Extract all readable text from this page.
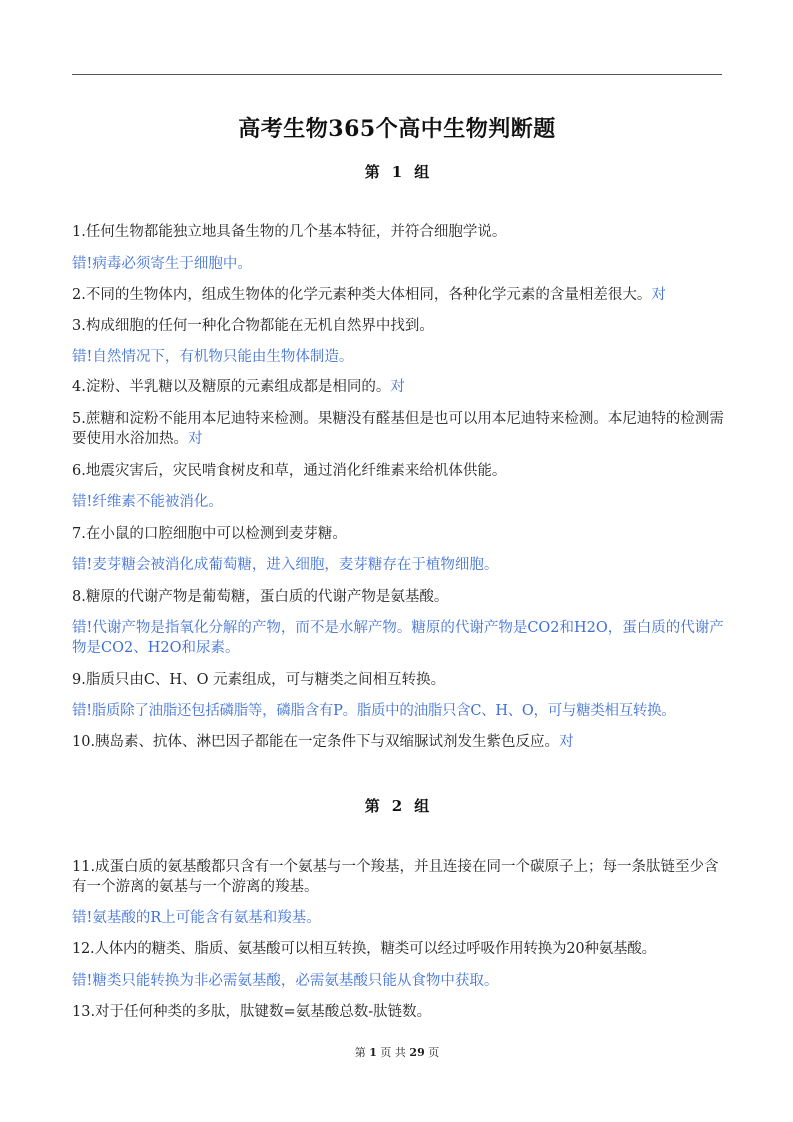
高考生物365个高中生物判断题
第 1 组
1.任何生物都能独立地具备生物的几个基本特征，并符合细胞学说。
错!病毒必须寄生于细胞中。
2.不同的生物体内，组成生物体的化学元素种类大体相同，各种化学元素的含量相差很大。对
3.构成细胞的任何一种化合物都能在无机自然界中找到。
错!自然情况下，有机物只能由生物体制造。
4.淀粉、半乳糖以及糖原的元素组成都是相同的。对
5.蔗糖和淀粉不能用本尼迪特来检测。果糖没有醛基但是也可以用本尼迪特来检测。本尼迪特的检测需要使用水浴加热。对
6.地震灾害后，灾民啃食树皮和草，通过消化纤维素来给机体供能。
错!纤维素不能被消化。
7.在小鼠的口腔细胞中可以检测到麦芽糖。
错!麦芽糖会被消化成葡萄糖，进入细胞，麦芽糖存在于植物细胞。
8.糖原的代谢产物是葡萄糖，蛋白质的代谢产物是氨基酸。
错!代谢产物是指氧化分解的产物，而不是水解产物。糖原的代谢产物是CO2和H2O，蛋白质的代谢产物是CO2、H2O和尿素。
9.脂质只由C、H、O 元素组成，可与糖类之间相互转换。
错!脂质除了油脂还包括磷脂等，磷脂含有P。脂质中的油脂只含C、H、O，可与糖类相互转换。
10.胰岛素、抗体、淋巴因子都能在一定条件下与双缩脲试剂发生紫色反应。对
第 2 组
11.成蛋白质的氨基酸都只含有一个氨基与一个羧基，并且连接在同一个碳原子上；每一条肽链至少含有一个游离的氨基与一个游离的羧基。
错!氨基酸的R上可能含有氨基和羧基。
12.人体内的糖类、脂质、氨基酸可以相互转换，糖类可以经过呼吸作用转换为20种氨基酸。
错!糖类只能转换为非必需氨基酸，必需氨基酸只能从食物中获取。
13.对于任何种类的多肽，肽键数=氨基酸总数-肽链数。
第 1 页 共 29 页
